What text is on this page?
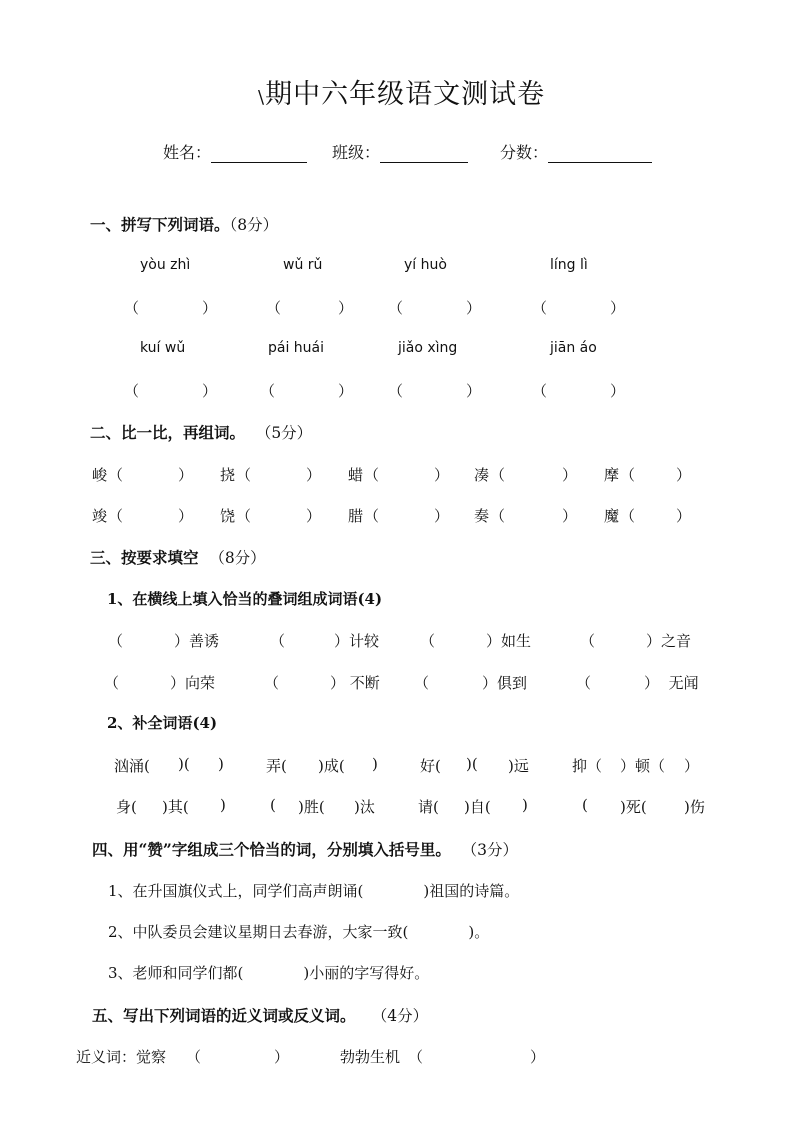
\期中六年级语文测试卷
姓名：	班级：	分数：
一、拼写下列词语。（8分）
yòu zhì	wǔ rǔ	yí huò	líng lì
（	）	（	） （	）	（	）
kuí wǔ	pái huái	jiǎo xìng	jiān áo
（	）	（	） （	）	（	）
二、比一比，再组词。 （5分）
峻 （	） 挠 （	） 蜡 （	） 凑 （	） 摩 （	）
竣 （	） 饶 （	） 腊 （	） 奏 （	） 魔 （	）
三、按要求填空 （8分）
1、在横线上填入恰当的叠词组成词语(4)
（	）善诱	（	）计较	（	）如生	（	）之音
（	）向荣	（	） 不断 （	）俱到	（	） 无闻
2、补全词语(4)
汹涌( )( )	弄( )成( )	好( )( )远	抑（ ）顿（ ）
身( )其( )	( )胜( )汰	请( )自( )	( )死( )伤
四、用“赞”字组成三个恰当的词，分别填入括号里。 （3分）
1、在升国旗仪式上，同学们高声朗诵(　　　　)祖国的诗篇。
2、中队委员会建议星期日去春游，大家一致(　　　　)。
3、老师和同学们都(　　　　)小丽的字写得好。
五、写出下列词语的近义词或反义词。 （4分）
近义词：觉察 （	）	勃勃生机 （	）
